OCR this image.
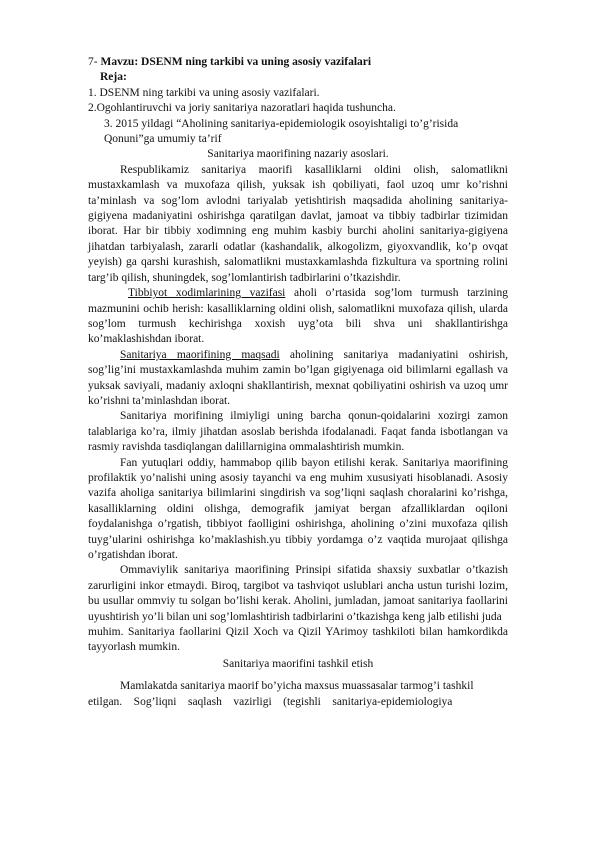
7- Mavzu: DSENM ning tarkibi va uning asosiy vazifalari
Reja:
1. DSENM ning tarkibi va uning asosiy vazifalari.
2.Ogohlantiruvchi va joriy sanitariya nazoratlari haqida tushuncha.
3. 2015 yildagi “Aholining sanitariya-epidemiologik osoyishtaligi to’g’risida
Qonuni”ga umumiy ta’rif
Sanitariya maorifining nazariy asoslari.

Respublikamiz sanitariya maorifi kasalliklarni oldini olish, salomatlikni mustaxkamlash va muxofaza qilish, yuksak ish qobiliyati, faol uzoq umr ko’rishni ta’minlash va sog’lom avlodni tariyalab yetishtirish maqsadida aholining sanitariya-gigiyena madaniyatini oshirishga qaratilgan davlat, jamoat va tibbiy tadbirlar tizimidan iborat. Har bir tibbiy xodimning eng muhim kasbiy burchi aholini sanitariya-gigiyena jihatdan tarbiyalash, zararli odatlar (kashandalik, alkogolizm, giyoxvandlik, ko’p ovqat yeyish) ga qarshi kurashish, salomatlikni mustaxkamlashda fizkultura va sportning rolini targ’ib qilish, shuningdek, sog’lomlantirish tadbirlarini o’tkazishdir.

Tibbiyot xodimlarining vazifasi aholi o’rtasida sog’lom turmush tarzining mazmunini ochib herish: kasalliklarning oldini olish, salomatlikni muxofaza qilish, ularda sog’lom turmush kechirishga xoxish uyg’ota bili shva uni shakllantirishga ko’maklashishdan iborat.

Sanitariya maorifining maqsadi aholining sanitariya madaniyatini oshirish, sog’lig’ini mustaxkamlashda muhim zamin bo’lgan gigiyenaga oid bilimlarni egallash va yuksak saviyali, madaniy axloqni shakllantirish, mexnat qobiliyatini oshirish va uzoq umr ko’rishni ta’minlashdan iborat.

Sanitariya morifining ilmiyligi uning barcha qonun-qoidalarini xozirgi zamon talablariga ko’ra, ilmiy jihatdan asoslab berishda ifodalanadi. Faqat fanda isbotlangan va rasmiy ravishda tasdiqlangan dalillarnigina ommalashtirish mumkin.

Fan yutuqlari oddiy, hammabop qilib bayon etilishi kerak. Sanitariya maorifining profilaktik yo’nalishi uning asosiy tayanchi va eng muhim xususiyati hisoblanadi. Asosiy vazifa aholiga sanitariya bilimlarini singdirish va sog’liqni saqlash choralarini ko’rishga, kasalliklarning oldini olishga, demografik jamiyat bergan afzalliklardan oqiloni foydalanishga o’rgatish, tibbiyot faolligini oshirishga, aholining o’zini muxofaza qilish tuyg’ularini oshirishga ko’maklashish.yu tibbiy yordamga o’z vaqtida murojaat qilishga o’rgatishdan iborat.

Ommaviylik sanitariya maorifining Prinsipi sifatida shaxsiy suxbatlar o’tkazish zarurligini inkor etmaydi. Biroq, targibot va tashviqot uslublari ancha ustun turishi lozim, bu usullar ommviy tu solgan bo’lishi kerak. Aholini, jumladan, jamoat sanitariya faollarini uyushtirish yo’li bilan uni sog’lomlashtirish tadbirlarini o’tkazishga keng jalb etilishi juda

muhim. Sanitariya faollarini Qizil Xoch va Qizil YArimoy tashkiloti bilan hamkordikda tayyorlash mumkin.

Sanitariya maorifini tashkil etish
Mamlakatda sanitariya maorif bo’yicha maxsus muassasalar tarmog’i tashkil
etilgan.    Sog’liqni    saqlash    vazirligi    (tegishli    sanitariya-epidemiologiya
